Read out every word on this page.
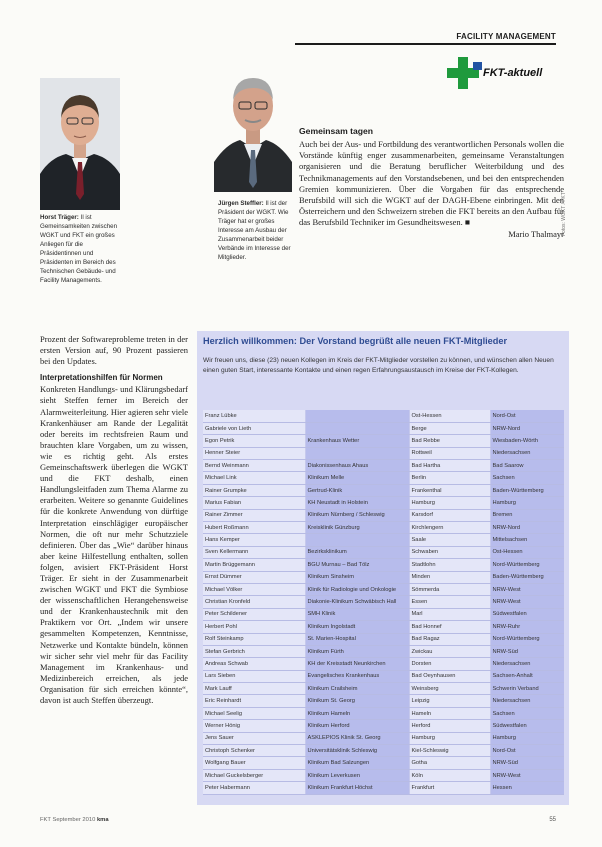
FACILITY MANAGEMENT
FKT-aktuell
Horst Träger: Il ist Gemeinsamkeiten zwischen WGKT und FKT ein großes Anliegen für die Präsidentinnen und Präsidenten im Bereich des Technischen Gebäude- und Facility Managements.
Jürgen Steffler: Il ist der Präsident der WGKT. Wie Träger hat er großes Interesse am Ausbau der Zusammenarbeit beider Verbände im Interesse der Mitglieder.
Gemeinsam tagen
Auch bei der Aus- und Fortbildung des verantwortlichen Personals wollen die Vorstände künftig enger zusammenarbeiten, gemeinsame Veranstaltungen organisieren und die Beratung beruflicher Weiterbildung und des Technikmanagements auf den Vorstandsebenen, und bei den entsprechenden Gremien kommunizieren. Über die Vorgaben für das entsprechende Berufsbild will sich die WGKT auf der DAGH-Ebene einbringen. Mit den Österreichern und den Schweizern streben die FKT bereits an den Aufbau für das Berufsbild Techniker im Gesundheitswesen. ■
Mario Thalmayr
Fotos: WGKT / FKT

Prozent der Softwareprobleme treten in der ersten Version auf, 90 Prozent passieren bei den Updates.

Interpretationshilfen für Normen

Konkreten Handlungs- und Klärungsbedarf sieht Steffen ferner im Bereich der Alarmweiterleitung. Hier agieren sehr viele Krankenhäuser am Rande der Legalität oder bereits im rechtsfreien Raum und brauchten klare Vorgaben, um zu wissen, wie es richtig geht. Als erstes Gemeinschaftswerk überlegen die WGKT und die FKT deshalb, einen Handlungsleitfaden zum Thema Alarme zu erarbeiten. Weitere so genannte Guidelines für die konkrete Anwendung von dürftige Interpretation einschlägiger europäischer Normen, die oft nur mehr Schutzziele definieren. Über das „Wie“ darüber hinaus aber keine Hilfestellung enthalten, sollen folgen, avisiert FKT-Präsident Horst Träger. Er sieht in der Zusammenarbeit zwischen WGKT und FKT die Symbiose der wissenschaftlichen Herangehensweise und der Krankenhaustechnik mit den Praktikern vor Ort. „Indem wir unsere gesammelten Kompetenzen, Kenntnisse, Netzwerke und Kontakte bündeln, können wir sicher sehr viel mehr für das Facility Management im Krankenhaus- und Medizinbereich erreichen, als jede Organisation für sich erreichen könnte“, davon ist auch Steffen überzeugt.

Herzlich willkommen: Der Vorstand begrüßt alle neuen FKT-Mitglieder
Wir freuen uns, diese (23) neuen Kollegen im Kreis der FKT-Mitglieder vorstellen zu können, und wünschen allen Neuen einen guten Start, interessante Kontakte und einen regen Erfahrungsaustausch im Kreise der FKT-Kollegen.
Franz Lübke		Ost-Hessen	Nord-Ost
Gabriele von Lieth		Berge	NRW-Nord
Egon Petrik	Krankenhaus Wetter	Bad Rebbe	Wiesbaden-Wörth
Henner Steier		Rottweil	Niedersachsen
Bernd Weinmann	Diakonissenhaus Ahaus	Bad Hartha	Bad Saarow
Michael Link	Klinikum Melle	Berlin	Sachsen
Rainer Grumpke	Gertrud-Klinik	Frankenthal	Baden-Württemberg
Marius Fabian	KH Neustadt in Holstein	Hamburg	Hamburg
Rainer Zimmer	Klinikum Nürnberg / Schleswig	Karsdorf	Bremen
Hubert Roßmann	Kreisklinik Günzburg	Kirchlengern	NRW-Nord
Hans Kemper		Saale	Mittelsachsen
Sven Kellermann	Bezirksklinikum	Schwaben	Ost-Hessen
Martin Brüggemann	BGU Murnau – Bad Tölz	Stadtlohn	Nord-Württemberg
Ernst Dümmer	Klinikum Sinsheim	Minden	Baden-Württemberg
Michael Völker	Klinik für Radiologie und Onkologie	Sömmerda	NRW-West
Christian Kronfeld	Diakonie-Klinikum Schwäbisch Hall	Essen	NRW-West
Peter Schildener	SMH Klinik	Marl	Südwestfalen
Herbert Pohl	Klinikum Ingolstadt	Bad Honnef	NRW-Ruhr
Rolf Steinkamp	St. Marien-Hospital	Bad Ragaz	Nord-Württemberg
Stefan Gerbrich	Klinikum Fürth	Zwickau	NRW-Süd
Andreas Schwab	KH der Kreisstadt Neunkirchen	Dorsten	Niedersachsen
Lars Sieben	Evangelisches Krankenhaus	Bad Oeynhausen	Sachsen-Anhalt
Mark Lauff	Klinikum Crailsheim	Weinsberg	Schwerin Verband
Eric Reinhardt	Klinikum St. Georg	Leipzig	Niedersachsen
Michael Seelig	Klinikum Hameln	Hameln	Sachsen
Werner Hönig	Klinikum Herford	Herford	Südwestfalen
Jens Sauer	ASKLEPIOS Klinik St. Georg	Hamburg	Hamburg
Christoph Schenker	Universitätsklinik Schleswig	Kiel-Schleswig	Nord-Ost
Wolfgang Bauer	Klinikum Bad Salzungen	Gotha	NRW-Süd
Michael Guckelsberger	Klinikum Leverkusen	Köln	NRW-West
Peter Habermann	Klinikum Frankfurt Höchst	Frankfurt	Hessen
FKT September 2010 kma	55
